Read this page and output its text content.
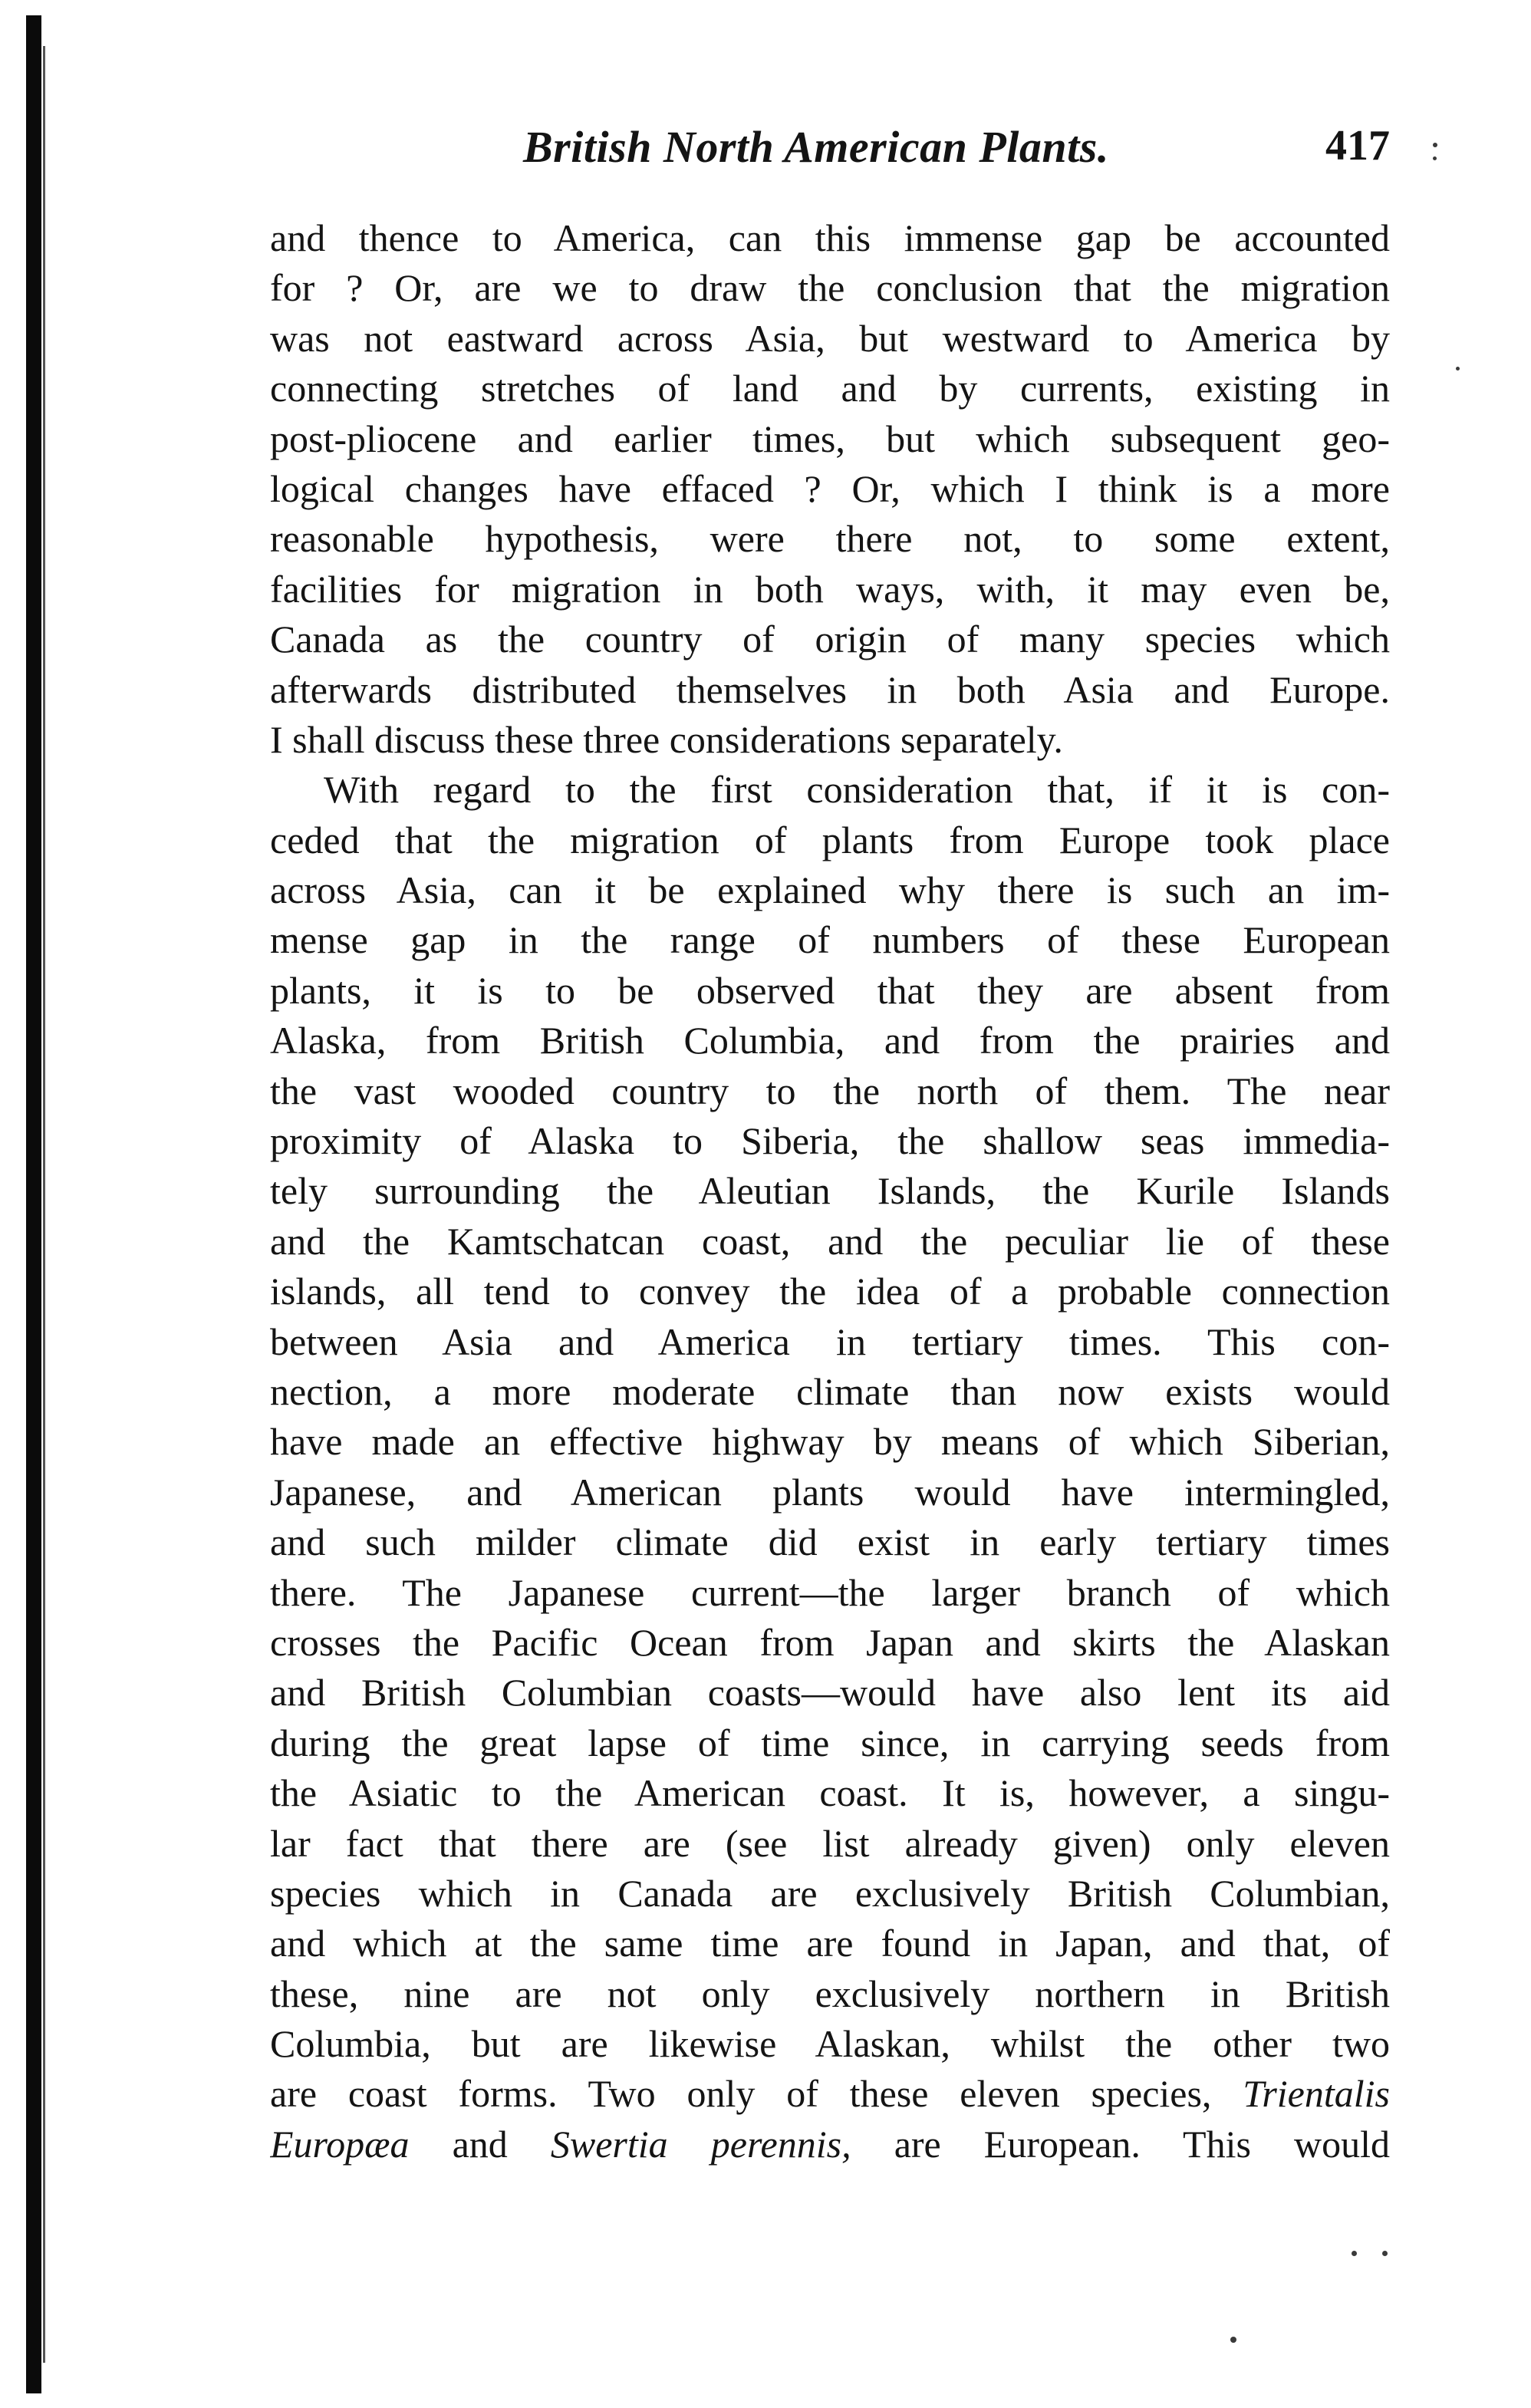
British North American Plants.	417
and thence to America, can this immense gap be accounted
for ? Or, are we to draw the conclusion that the migration
was not eastward across Asia, but westward to America by
connecting stretches of land and by currents, existing in
post-pliocene and earlier times, but which subsequent geo-
logical changes have effaced ? Or, which I think is a more
reasonable hypothesis, were there not, to some extent,
facilities for migration in both ways, with, it may even be,
Canada as the country of origin of many species which
afterwards distributed themselves in both Asia and Europe.
I shall discuss these three considerations separately.
With regard to the first consideration that, if it is con-
ceded that the migration of plants from Europe took place
across Asia, can it be explained why there is such an im-
mense gap in the range of numbers of these European
plants, it is to be observed that they are absent from
Alaska, from British Columbia, and from the prairies and
the vast wooded country to the north of them. The near
proximity of Alaska to Siberia, the shallow seas immedia-
tely surrounding the Aleutian Islands, the Kurile Islands
and the Kamtschatcan coast, and the peculiar lie of these
islands, all tend to convey the idea of a probable connection
between Asia and America in tertiary times. This con-
nection, a more moderate climate than now exists would
have made an effective highway by means of which Siberian,
Japanese, and American plants would have intermingled,
and such milder climate did exist in early tertiary times
there. The Japanese current—the larger branch of which
crosses the Pacific Ocean from Japan and skirts the Alaskan
and British Columbian coasts—would have also lent its aid
during the great lapse of time since, in carrying seeds from
the Asiatic to the American coast. It is, however, a singu-
lar fact that there are (see list already given) only eleven
species which in Canada are exclusively British Columbian,
and which at the same time are found in Japan, and that, of
these, nine are not only exclusively northern in British
Columbia, but are likewise Alaskan, whilst the other two
are coast forms. Two only of these eleven species, Trientalis
Europæa and Swertia perennis, are European. This would
